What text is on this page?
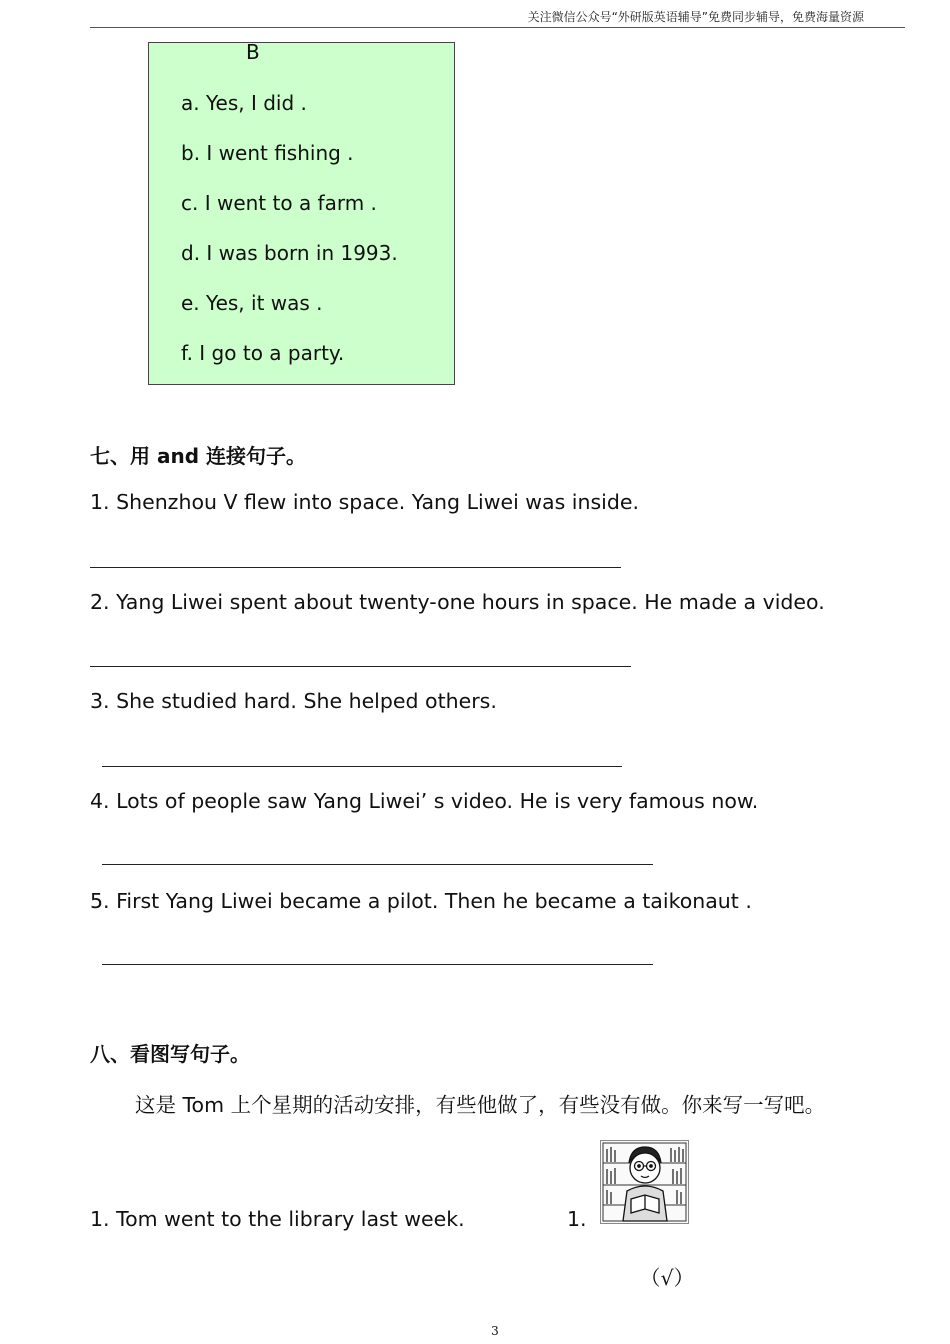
关注微信公众号“外研版英语辅导”免费同步辅导，免费海量资源
B
a. Yes, I did .
b. I went fishing .
c. I went to a farm .
d. I was born in 1993.
e. Yes, it was .
f. I go to a party.
七、用 and 连接句子。
1. Shenzhou V flew into space. Yang Liwei was inside.
2. Yang Liwei spent about twenty-one hours in space. He made a video.
3. She studied hard. She helped others.
4. Lots of people saw Yang Liwei’ s video. He is very famous now.
5. First Yang Liwei became a pilot. Then he became a taikonaut .
八、看图写句子。
这是 Tom 上个星期的活动安排，有些他做了，有些没有做。你来写一写吧。
1. Tom went to the library last week.	1.
（√）
3
